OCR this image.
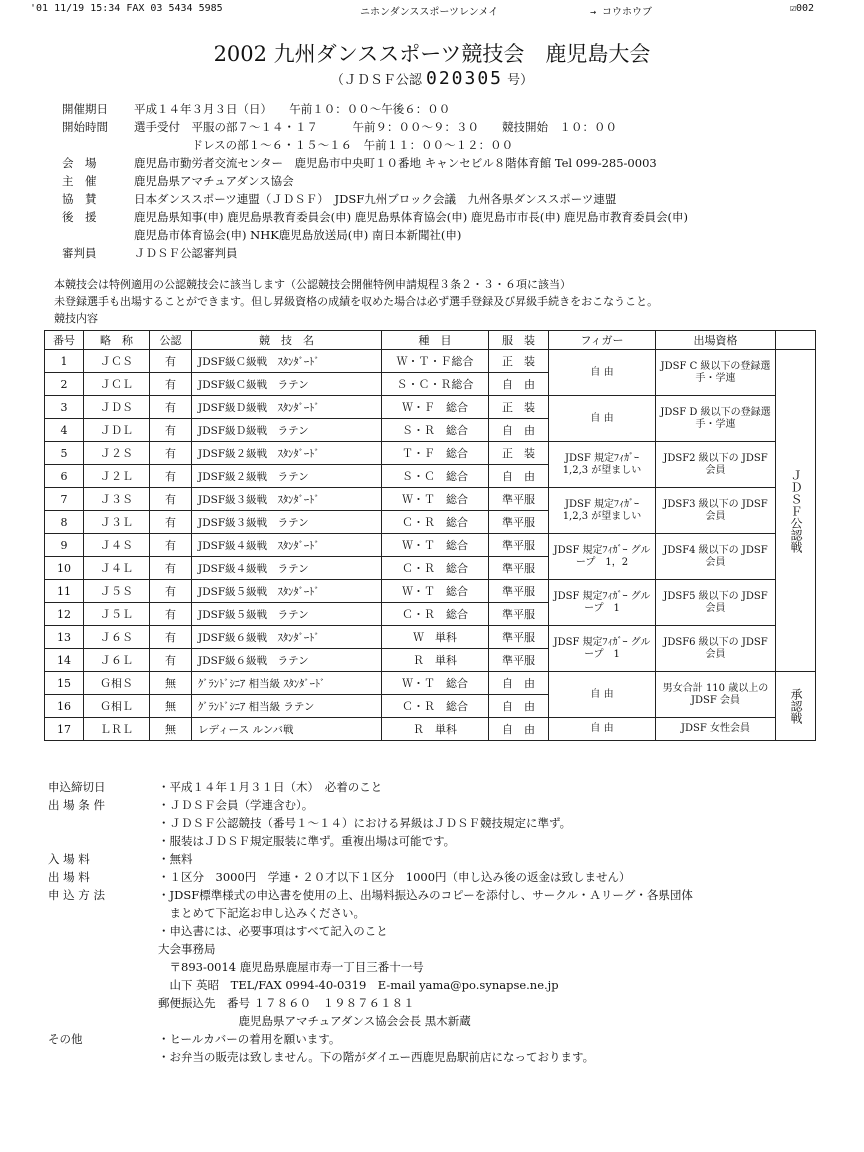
'01 11/19 15:34 FAX 03 5434 5985	ニホンダンススポーツレンメイ	→ コウホウブ	☑002
2002 九州ダンススポーツ競技会　鹿児島大会
（ＪＤＳＦ公認 020305 号）
開催期日	平成１４年３月３日（日）　　午前１０：００～午後６：００
開始時間	選手受付　平服の部７～１４・１７　　　午前９：００～９：３０　　競技開始　１０：００
　　　　　ドレスの部１～６・１５～１６　午前１１：００～１２：００
会　場	鹿児島市勤労者交流センター　鹿児島市中央町１０番地 キャンセビル８階体育館 Tel 099-285-0003
主　催	鹿児島県アマチュアダンス協会
協　賛	日本ダンススポーツ連盟（ＪＤＳＦ）　JDSF九州ブロック会議　九州各県ダンススポーツ連盟
後　援	鹿児島県知事(申) 鹿児島県教育委員会(申) 鹿児島県体育協会(申) 鹿児島市市長(申) 鹿児島市教育委員会(申)
鹿児島市体育協会(申) NHK鹿児島放送局(申) 南日本新聞社(申)
審判員	ＪＤＳＦ公認審判員
本競技会は特例適用の公認競技会に該当します（公認競技会開催特例申請規程３条２・３・６項に該当）
未登録選手も出場することができます。但し昇級資格の成績を収めた場合は必ず選手登録及び昇級手続きをおこなうこと。
競技内容
番号	略　称	公認	競　技　名	種　目	服　装	フィガー	出場資格	
1	ＪＣＳ	有	JDSF級Ｃ級戦　ｽﾀﾝﾀﾞｰﾄﾞ	Ｗ・Ｔ・Ｆ総合	正　装	自 由	JDSF C 級以下の登録選手・学連	ＪＤＳＦ公認戦
2	ＪＣＬ	有	JDSF級Ｃ級戦　ラテン	Ｓ・Ｃ・Ｒ総合	自　由			
3	ＪＤＳ	有	JDSF級Ｄ級戦　ｽﾀﾝﾀﾞｰﾄﾞ	Ｗ・Ｆ　総合	正　装	自 由	JDSF D 級以下の登録選手・学連	
4	ＪＤＬ	有	JDSF級Ｄ級戦　ラテン	Ｓ・Ｒ　総合	自　由			
5	Ｊ２Ｓ	有	JDSF級２級戦　ｽﾀﾝﾀﾞｰﾄﾞ	Ｔ・Ｆ　総合	正　装	JDSF 規定ﾌｨｶﾞｰ 1,2,3 が望ましい	JDSF2 級以下の JDSF 会員	
6	Ｊ２Ｌ	有	JDSF級２級戦　ラテン	Ｓ・Ｃ　総合	自　由			
7	Ｊ３Ｓ	有	JDSF級３級戦　ｽﾀﾝﾀﾞｰﾄﾞ	Ｗ・Ｔ　総合	準平服	JDSF 規定ﾌｨｶﾞｰ 1,2,3 が望ましい	JDSF3 級以下の JDSF 会員	
8	Ｊ３Ｌ	有	JDSF級３級戦　ラテン	Ｃ・Ｒ　総合	準平服			
9	Ｊ４Ｓ	有	JDSF級４級戦　ｽﾀﾝﾀﾞｰﾄﾞ	Ｗ・Ｔ　総合	準平服	JDSF 規定ﾌｨｶﾞｰ グループ　1，2	JDSF4 級以下の JDSF 会員	
10	Ｊ４Ｌ	有	JDSF級４級戦　ラテン	Ｃ・Ｒ　総合	準平服			
11	Ｊ５Ｓ	有	JDSF級５級戦　ｽﾀﾝﾀﾞｰﾄﾞ	Ｗ・Ｔ　総合	準平服	JDSF 規定ﾌｨｶﾞｰ グループ　1	JDSF5 級以下の JDSF 会員	
12	Ｊ５Ｌ	有	JDSF級５級戦　ラテン	Ｃ・Ｒ　総合	準平服			
13	Ｊ６Ｓ	有	JDSF級６級戦　ｽﾀﾝﾀﾞｰﾄﾞ	Ｗ　単科	準平服	JDSF 規定ﾌｨｶﾞｰ グループ　1	JDSF6 級以下の JDSF 会員	
14	Ｊ６Ｌ	有	JDSF級６級戦　ラテン	Ｒ　単科	準平服			
15	Ｇ相Ｓ	無	ｸﾞﾗﾝﾄﾞｼﾆｱ 相当級 ｽﾀﾝﾀﾞｰﾄﾞ	Ｗ・Ｔ　総合	自　由	自 由	男女合計 110 歳以上の JDSF 会員	承認戦
16	Ｇ相Ｌ	無	ｸﾞﾗﾝﾄﾞｼﾆｱ 相当級 ラテン	Ｃ・Ｒ　総合	自　由			
17	ＬＲＬ	無	レディース ルンバ戦	Ｒ　単科	自　由	自 由	JDSF 女性会員	
申込締切日	・平成１４年１月３１日（木）　必着のこと
出 場 条 件	・ＪＤＳＦ会員（学連含む）。
・ＪＤＳＦ公認競技（番号１～１４）における昇級はＪＤＳＦ競技規定に準ず。
・服装はＪＤＳＦ規定服装に準ず。重複出場は可能です。
入 場 料	・無料
出 場 料	・１区分　3000円　学連・２０才以下１区分　1000円（申し込み後の返金は致しません）
申 込 方 法	・JDSF標準様式の申込書を使用の上、出場料振込みのコピーを添付し、サークル・Ａリーグ・各県団体
　まとめて下記迄お申し込みください。
・申込書には、必要事項はすべて記入のこと
大会事務局
　〒893-0014 鹿児島県鹿屋市寿一丁目三番十一号
　山下 英昭　TEL/FAX 0994-40-0319　E-mail yama@po.synapse.ne.jp
郵便振込先　番号 １７８６０　１９８７６１８１
　　　　　　　鹿児島県アマチュアダンス協会会長 黒木新蔵
その他	・ヒールカバーの着用を願います。
・お弁当の販売は致しません。下の階がダイエー西鹿児島駅前店になっております。
